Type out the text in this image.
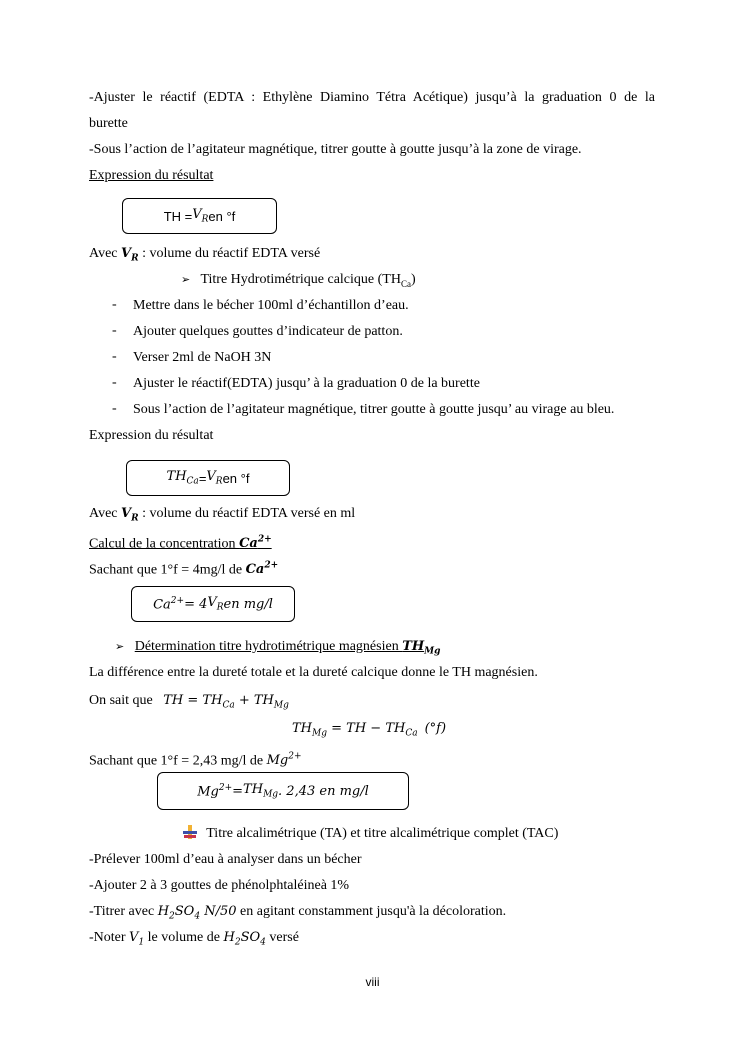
-Ajuster le réactif (EDTA : Ethylène Diamino Tétra Acétique) jusqu’à la graduation 0 de la
burette
-Sous l’action de l’agitateur magnétique, titrer goutte à goutte jusqu’à la zone de virage.
Expression du résultat
TH = $V_R$ en °f
Avec $V_R$ : volume du réactif EDTA versé
➢ Titre Hydrotimétrique calcique $(TH_{Ca})$
- Mettre dans le bécher 100ml d’échantillon d’eau.
- Ajouter quelques gouttes d’indicateur de patton.
- Verser 2ml de NaOH 3N
- Ajuster le réactif(EDTA) jusqu’ à la graduation 0 de la burette
- Sous l’action de l’agitateur magnétique, titrer goutte à goutte jusqu’ au virage au bleu.
Expression du résultat
$TH_{Ca} = V_R$ en °f
Avec $V_R$ : volume du réactif EDTA versé en ml
Calcul de la concentration $Ca^{2+}$
Sachant que 1°f = 4mg/l de $Ca^{2+}$
$Ca^{2+} = 4$ $V_R$ en mg/l
➢ Détermination titre hydrotimétrique magnésien $TH_{Mg}$
La différence entre la dureté totale et la dureté calcique donne le TH magnésien.
On sait que TH = $TH_{Ca} + TH_{Mg}$
$TH_{Mg}$ = TH − $TH_{Ca}$ (°f)
Sachant que 1°f = 2,43 mg/l de $Mg^{2+}$
$Mg^{2+} = TH_{Mg}$ . 2,43 en mg/l
Titre alcalimétrique (TA) et titre alcalimétrique complet (TAC)
-Prélever 100ml d’eau à analyser dans un bécher
-Ajouter 2 à 3 gouttes de phénolphtaléineà 1%
-Titrer avec $H_2SO_4$ N/50 en agitant constamment jusqu'à la décoloration.
-Noter $V_1$ le volume de $H_2SO_4$ versé
viii
